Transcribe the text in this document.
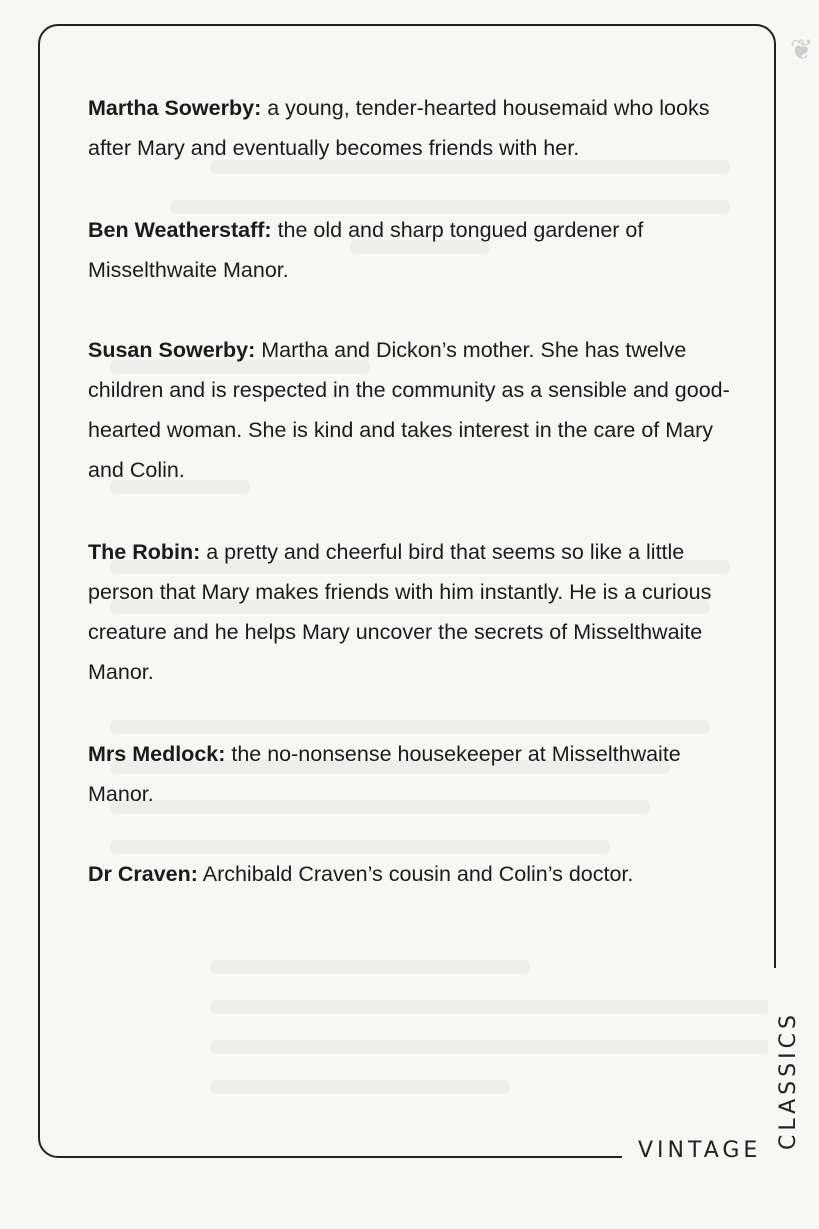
❦

Martha Sowerby: a young, tender-hearted housemaid who looks after Mary and eventually becomes friends with her.

Ben Weatherstaff: the old and sharp tongued gardener of Misselthwaite Manor.

Susan Sowerby: Martha and Dickon’s mother. She has twelve children and is respected in the community as a sensible and good-hearted woman. She is kind and takes interest in the care of Mary and Colin.

The Robin: a pretty and cheerful bird that seems so like a little person that Mary makes friends with him instantly. He is a curious creature and he helps Mary uncover the secrets of Misselthwaite Manor.

Mrs Medlock: the no-nonsense housekeeper at Misselthwaite Manor.

Dr Craven: Archibald Craven’s cousin and Colin’s doctor.

VINTAGE
CLASSICS
